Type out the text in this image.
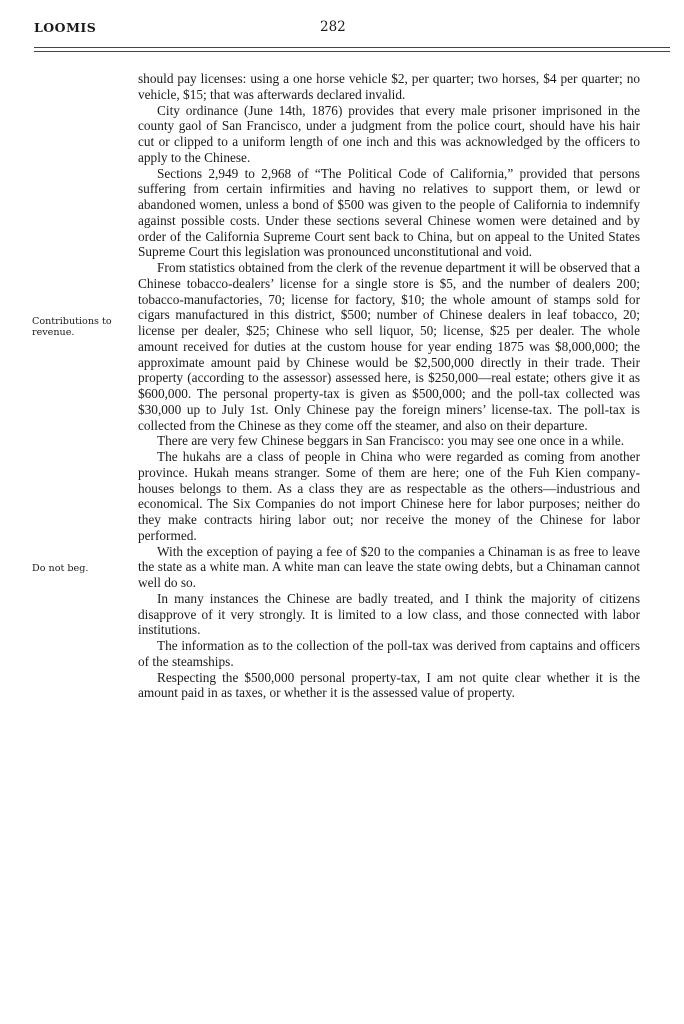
LOOMIS	282
Contributions to revenue.
Do not beg.

should pay licenses: using a one horse vehicle $2, per quarter; two horses, $4 per quarter; no vehicle, $15; that was afterwards declared invalid.

City ordinance (June 14th, 1876) provides that every male prisoner imprisoned in the county gaol of San Francisco, under a judgment from the police court, should have his hair cut or clipped to a uniform length of one inch and this was acknowledged by the officers to apply to the Chinese.

Sections 2,949 to 2,968 of “The Political Code of California,” provided that persons suffering from certain infirmities and having no relatives to support them, or lewd or abandoned women, unless a bond of $500 was given to the people of California to indemnify against possible costs. Under these sections several Chinese women were detained and by order of the California Supreme Court sent back to China, but on appeal to the United States Supreme Court this legislation was pronounced unconstitutional and void.

From statistics obtained from the clerk of the revenue department it will be observed that a Chinese tobacco-dealers’ license for a single store is $5, and the number of dealers 200; tobacco-manufactories, 70; license for factory, $10; the whole amount of stamps sold for cigars manufactured in this district, $500; number of Chinese dealers in leaf tobacco, 20; license per dealer, $25; Chinese who sell liquor, 50; license, $25 per dealer. The whole amount received for duties at the custom house for year ending 1875 was $8,000,000; the approximate amount paid by Chinese would be $2,500,000 directly in their trade. Their property (according to the assessor) assessed here, is $250,000—real estate; others give it as $600,000. The personal property-tax is given as $500,000; and the poll-tax collected was $30,000 up to July 1st. Only Chinese pay the foreign miners’ license-tax. The poll-tax is collected from the Chinese as they come off the steamer, and also on their departure.

There are very few Chinese beggars in San Francisco: you may see one once in a while.

The hukahs are a class of people in China who were regarded as coming from another province. Hukah means stranger. Some of them are here; one of the Fuh Kien company-houses belongs to them. As a class they are as respectable as the others—industrious and economical. The Six Companies do not import Chinese here for labor purposes; neither do they make contracts hiring labor out; nor receive the money of the Chinese for labor performed.

With the exception of paying a fee of $20 to the companies a Chinaman is as free to leave the state as a white man. A white man can leave the state owing debts, but a Chinaman cannot well do so.

In many instances the Chinese are badly treated, and I think the majority of citizens disapprove of it very strongly. It is limited to a low class, and those connected with labor institutions.

The information as to the collection of the poll-tax was derived from captains and officers of the steamships.

Respecting the $500,000 personal property-tax, I am not quite clear whether it is the amount paid in as taxes, or whether it is the assessed value of property.
